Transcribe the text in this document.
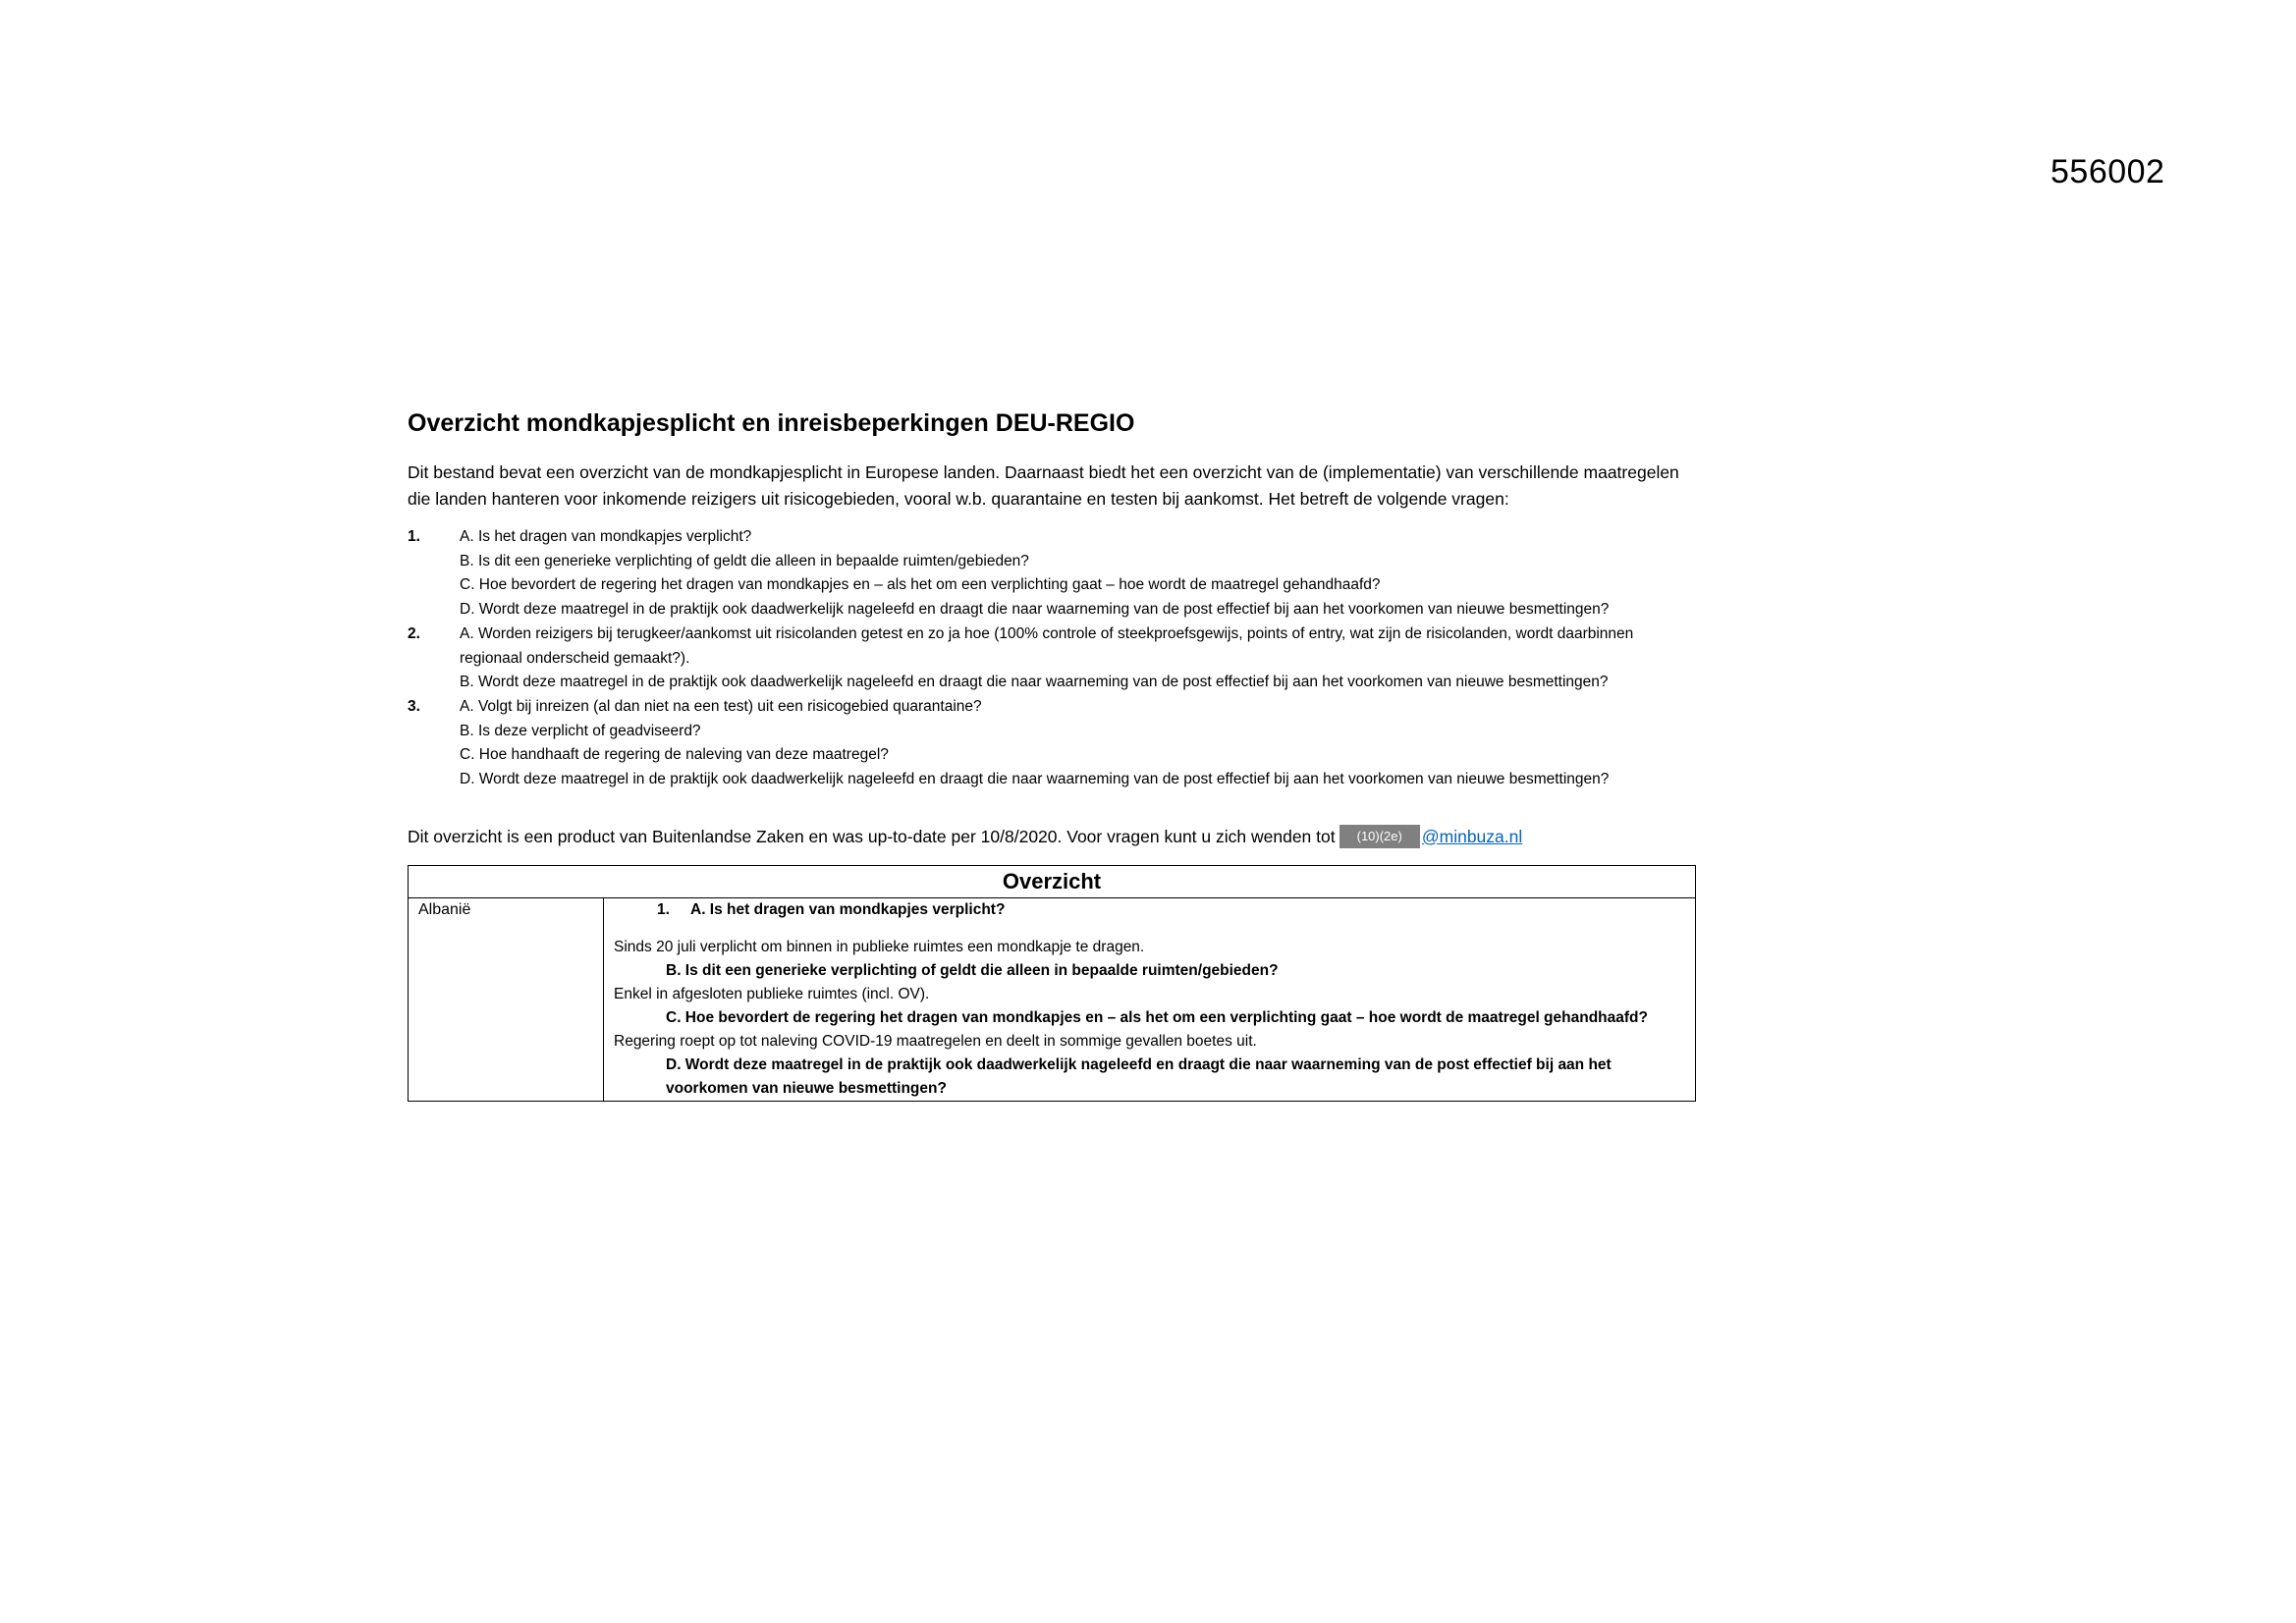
556002
Overzicht mondkapjesplicht en inreisbeperkingen DEU-REGIO

Dit bestand bevat een overzicht van de mondkapjesplicht in Europese landen. Daarnaast biedt het een overzicht van de (implementatie) van verschillende maatregelen die landen hanteren voor inkomende reizigers uit risicogebieden, vooral w.b. quarantaine en testen bij aankomst. Het betreft de volgende vragen:

1.	A. Is het dragen van mondkapjes verplicht?
B. Is dit een generieke verplichting of geldt die alleen in bepaalde ruimten/gebieden?
C. Hoe bevordert de regering het dragen van mondkapjes en – als het om een verplichting gaat – hoe wordt de maatregel gehandhaafd?
D. Wordt deze maatregel in de praktijk ook daadwerkelijk nageleefd en draagt die naar waarneming van de post effectief bij aan het voorkomen van nieuwe besmettingen?
2.	A. Worden reizigers bij terugkeer/aankomst uit risicolanden getest en zo ja hoe (100% controle of steekproefsgewijs, points of entry, wat zijn de risicolanden, wordt daarbinnen regionaal onderscheid gemaakt?).
B. Wordt deze maatregel in de praktijk ook daadwerkelijk nageleefd en draagt die naar waarneming van de post effectief bij aan het voorkomen van nieuwe besmettingen?
3.	A. Volgt bij inreizen (al dan niet na een test) uit een risicogebied quarantaine?
B. Is deze verplicht of geadviseerd?
C. Hoe handhaaft de regering de naleving van deze maatregel?
D. Wordt deze maatregel in de praktijk ook daadwerkelijk nageleefd en draagt die naar waarneming van de post effectief bij aan het voorkomen van nieuwe besmettingen?
Dit overzicht is een product van Buitenlandse Zaken en was up-to-date per 10/8/2020. Voor vragen kunt u zich wenden tot	(10)(2e)	@minbuza.nl
Overzicht
Albanië	1. A. Is het dragen van mondkapjes verplicht?
Sinds 20 juli verplicht om binnen in publieke ruimtes een mondkapje te dragen.
B. Is dit een generieke verplichting of geldt die alleen in bepaalde ruimten/gebieden?
Enkel in afgesloten publieke ruimtes (incl. OV).
C. Hoe bevordert de regering het dragen van mondkapjes en – als het om een verplichting gaat – hoe wordt de maatregel gehandhaafd?
Regering roept op tot naleving COVID-19 maatregelen en deelt in sommige gevallen boetes uit.
D. Wordt deze maatregel in de praktijk ook daadwerkelijk nageleefd en draagt die naar waarneming van de post effectief bij aan het voorkomen van nieuwe besmettingen?
